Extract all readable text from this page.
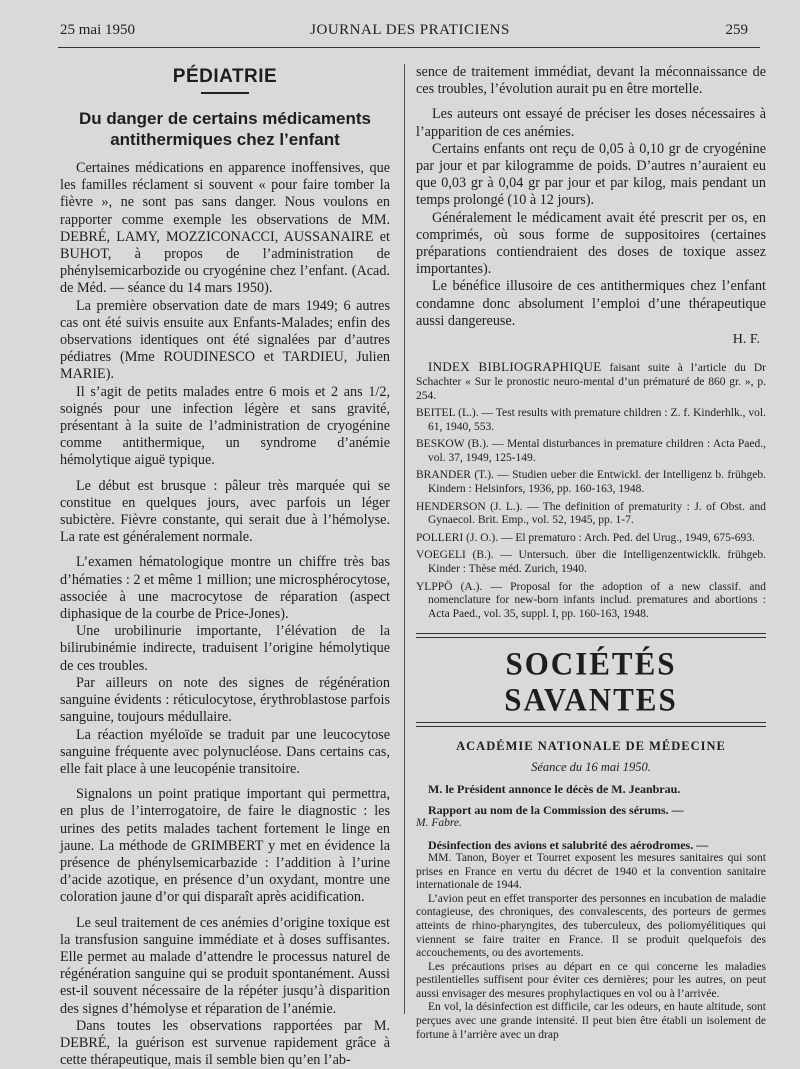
25 mai 1950	JOURNAL DES PRATICIENS	259
PÉDIATRIE
Du danger de certains médicaments antithermiques chez l’enfant

Certaines médications en apparence inoffensives, que les familles réclament si souvent « pour faire tomber la fièvre », ne sont pas sans danger. Nous voulons en rapporter comme exemple les observations de MM. DEBRÉ, LAMY, MOZZICONACCI, AUSSANAIRE et BUHOT, à propos de l’administration de phénylsemicarbozide ou cryogénine chez l’enfant. (Acad. de Méd. — séance du 14 mars 1950).

La première observation date de mars 1949; 6 autres cas ont été suivis ensuite aux Enfants-Malades; enfin des observations identiques ont été signalées par d’autres pédiatres (Mme ROUDINESCO et TARDIEU, Julien MARIE).

Il s’agit de petits malades entre 6 mois et 2 ans 1/2, soignés pour une infection légère et sans gravité, présentant à la suite de l’administration de cryogénine comme antithermique, un syndrome d’anémie hémolytique aiguë typique.

Le début est brusque : pâleur très marquée qui se constitue en quelques jours, avec parfois un léger subictère. Fièvre constante, qui serait due à l’hémolyse. La rate est généralement normale.

L’examen hématologique montre un chiffre très bas d’hématies : 2 et même 1 million; une microsphérocytose, associée à une macrocytose de réparation (aspect diphasique de la courbe de Price-Jones).

Une urobilinurie importante, l’élévation de la bilirubinémie indirecte, traduisent l’origine hémolytique de ces troubles.

Par ailleurs on note des signes de régénération sanguine évidents : réticulocytose, érythroblastose parfois sanguine, toujours médullaire.

La réaction myéloïde se traduit par une leucocytose sanguine fréquente avec polynucléose. Dans certains cas, elle fait place à une leucopénie transitoire.

Signalons un point pratique important qui permettra, en plus de l’interrogatoire, de faire le diagnostic : les urines des petits malades tachent fortement le linge en jaune. La méthode de GRIMBERT y met en évidence la présence de phénylsemicarbazide : l’addition à l’urine d’acide azotique, en présence d’un oxydant, montre une coloration jaune d’or qui disparaît après acidification.

Le seul traitement de ces anémies d’origine toxique est la transfusion sanguine immédiate et à doses suffisantes. Elle permet au malade d’attendre le processus naturel de régénération sanguine qui se produit spontanément. Aussi est-il souvent nécessaire de la répéter jusqu’à disparition des signes d’hémolyse et réparation de l’anémie.

Dans toutes les observations rapportées par M. DEBRÉ, la guérison est survenue rapidement grâce à cette thérapeutique, mais il semble bien qu’en l’ab-

sence de traitement immédiat, devant la méconnaissance de ces troubles, l’évolution aurait pu en être mortelle.

Les auteurs ont essayé de préciser les doses nécessaires à l’apparition de ces anémies.

Certains enfants ont reçu de 0,05 à 0,10 gr de cryogénine par jour et par kilogramme de poids. D’autres n’auraient eu que 0,03 gr à 0,04 gr par jour et par kilog, mais pendant un temps prolongé (10 à 12 jours).

Généralement le médicament avait été prescrit per os, en comprimés, où sous forme de suppositoires (certaines préparations contiendraient des doses de toxique assez importantes).

Le bénéfice illusoire de ces antithermiques chez l’enfant condamne donc absolument l’emploi d’une thérapeutique aussi dangereuse.

H. F.
INDEX BIBLIOGRAPHIQUE faisant suite à l’article du Dr Schachter « Sur le pronostic neuro-mental d’un prématuré de 860 gr. », p. 254.

BEITEL (L.). — Test results with premature children : Z. f. Kinderhlk., vol. 61, 1940, 553.

BESKOW (B.). — Mental disturbances in premature children : Acta Paed., vol. 37, 1949, 125-149.

BRANDER (T.). — Studien ueber die Entwickl. der Intelligenz b. frühgeb. Kindern : Helsinfors, 1936, pp. 160-163, 1948.

HENDERSON (J. L.). — The definition of prematurity : J. of Obst. and Gynaecol. Brit. Emp., vol. 52, 1945, pp. 1-7.

POLLERI (J. O.). — El prematuro : Arch. Ped. del Urug., 1949, 675-693.

VOEGELI (B.). — Untersuch. über die Intelligenzentwicklk. frühgeb. Kinder : Thèse méd. Zurich, 1940.

YLPPÖ (A.). — Proposal for the adoption of a new classif. and nomenclature for new-born infants includ. prematures and abortions : Acta Paed., vol. 35, suppl. I, pp. 160-163, 1948.

SOCIÉTÉS SAVANTES
ACADÉMIE NATIONALE DE MÉDECINE
Séance du 16 mai 1950.

M. le Président annonce le décès de M. Jeanbrau.

Rapport au nom de la Commission des sérums. —

M. Fabre.

Désinfection des avions et salubrité des aérodromes. —

MM. Tanon, Boyer et Tourret exposent les mesures sanitaires qui sont prises en France en vertu du décret de 1940 et la convention sanitaire internationale de 1944.

L’avion peut en effet transporter des personnes en incubation de maladie contagieuse, des chroniques, des convalescents, des porteurs de germes atteints de rhino-pharyngites, des tuberculeux, des poliomyélitiques qui viennent se faire traiter en France. Il se produit quelquefois des accouchements, ou des avortements.

Les précautions prises au départ en ce qui concerne les maladies pestilentielles suffisent pour éviter ces dernières; pour les autres, on peut aussi envisager des mesures prophylactiques en vol ou à l’arrivée.

En vol, la désinfection est difficile, car les odeurs, en haute altitude, sont perçues avec une grande intensité. Il peut bien être établi un isolement de fortune à l’arrière avec un drap
